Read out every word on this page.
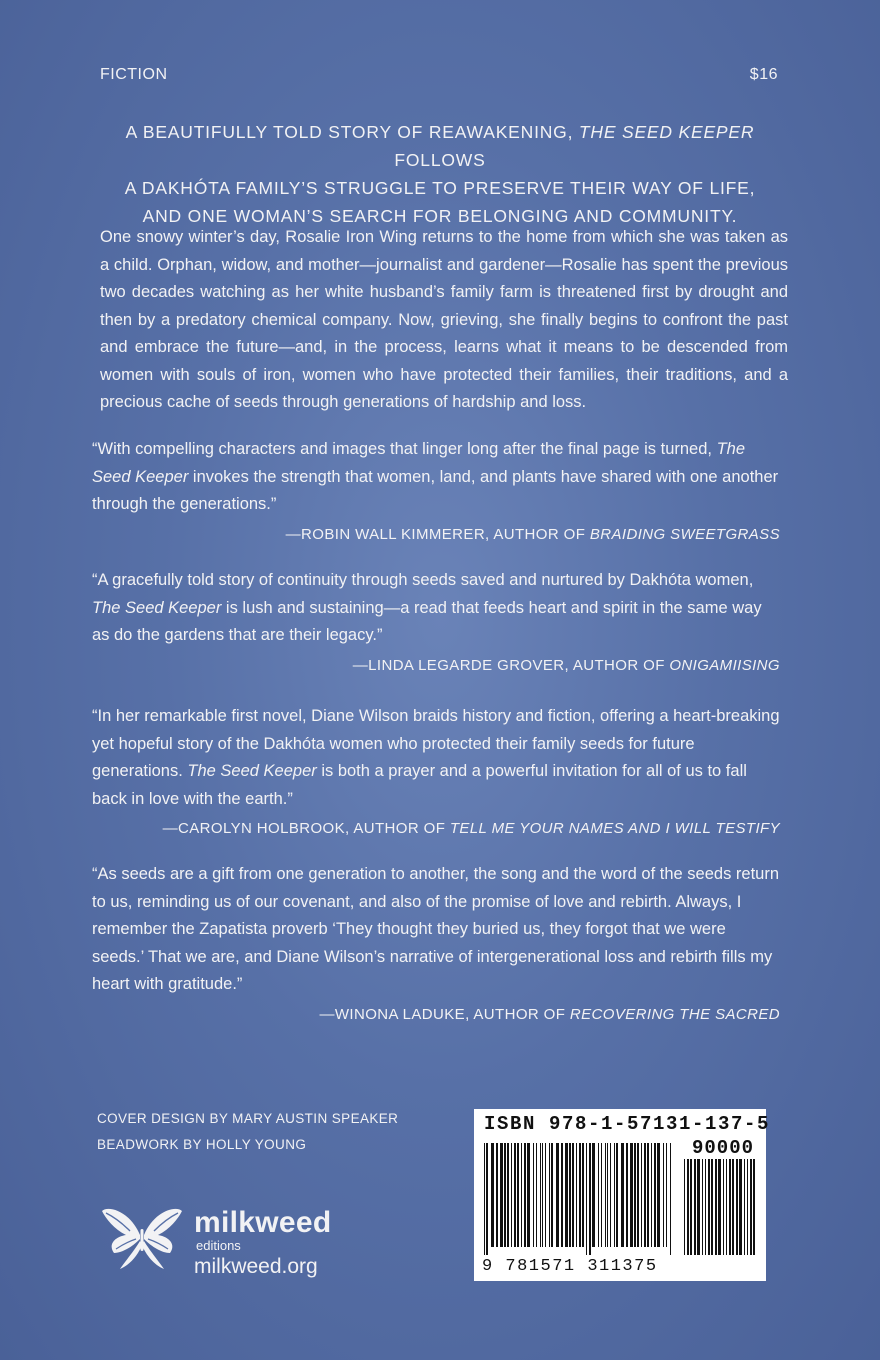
FICTION	$16
A BEAUTIFULLY TOLD STORY OF REAWAKENING, THE SEED KEEPER FOLLOWS
A DAKHÓTA FAMILY’S STRUGGLE TO PRESERVE THEIR WAY OF LIFE,
AND ONE WOMAN’S SEARCH FOR BELONGING AND COMMUNITY.
One snowy winter’s day, Rosalie Iron Wing returns to the home from which she was taken as a child. Orphan, widow, and mother—journalist and gardener—Rosalie has spent the previous two decades watching as her white husband’s family farm is threatened first by drought and then by a predatory chemical company. Now, grieving, she finally begins to confront the past and embrace the future—and, in the process, learns what it means to be descended from women with souls of iron, women who have protected their families, their traditions, and a precious cache of seeds through generations of hardship and loss.

“With compelling characters and images that linger long after the final page is turned, The Seed Keeper invokes the strength that women, land, and plants have shared with one another through the generations.”

—ROBIN WALL KIMMERER, AUTHOR OF BRAIDING SWEETGRASS

“A gracefully told story of continuity through seeds saved and nurtured by Dakhóta women, The Seed Keeper is lush and sustaining—a read that feeds heart and spirit in the same way as do the gardens that are their legacy.”

—LINDA LEGARDE GROVER, AUTHOR OF ONIGAMIISING

“In her remarkable first novel, Diane Wilson braids history and fiction, offering a heart-breaking yet hopeful story of the Dakhóta women who protected their family seeds for future generations. The Seed Keeper is both a prayer and a powerful invitation for all of us to fall back in love with the earth.”

—CAROLYN HOLBROOK, AUTHOR OF TELL ME YOUR NAMES AND I WILL TESTIFY

“As seeds are a gift from one generation to another, the song and the word of the seeds return to us, reminding us of our covenant, and also of the promise of love and rebirth. Always, I remember the Zapatista proverb ‘They thought they buried us, they forgot that we were seeds.’ That we are, and Diane Wilson’s narrative of intergenerational loss and rebirth fills my heart with gratitude.”

—WINONA LADUKE, AUTHOR OF RECOVERING THE SACRED
COVER DESIGN BY MARY AUSTIN SPEAKER
BEADWORK BY HOLLY YOUNG
milkweed
editions
milkweed.org
ISBN 978-1-57131-137-5
90000
9 781571 311375
